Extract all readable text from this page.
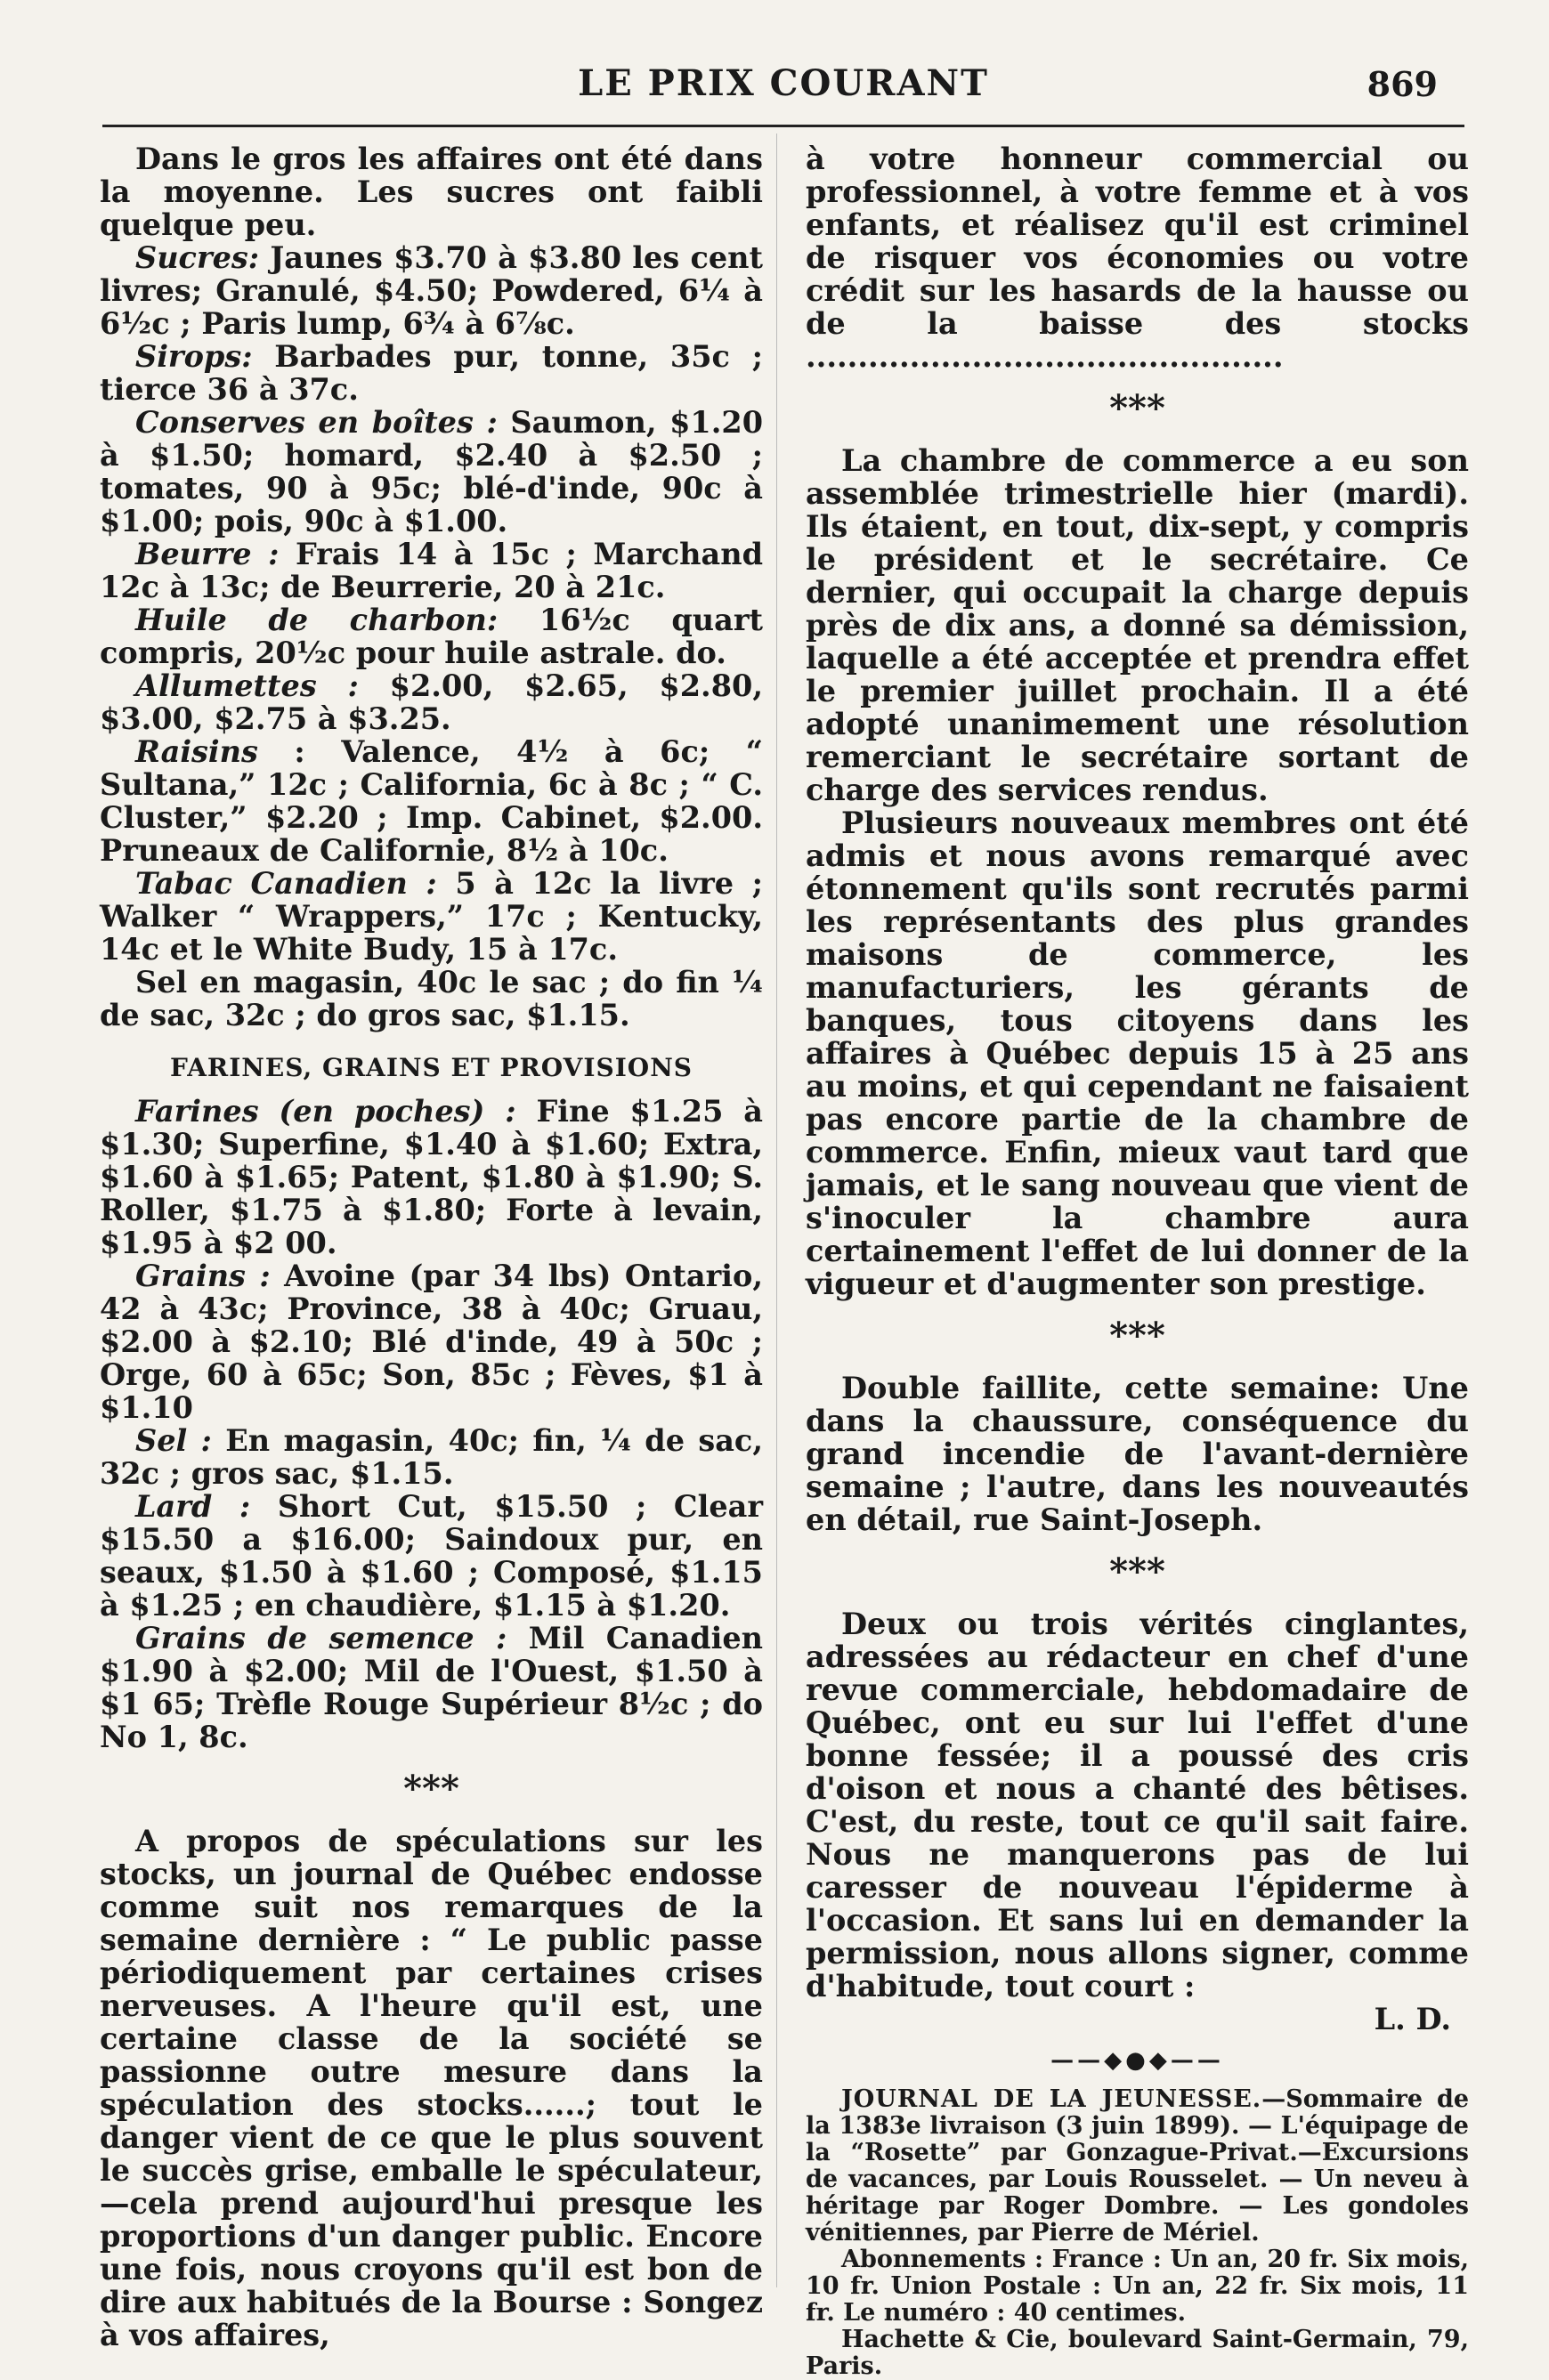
LE PRIX COURANT	869

Dans le gros les affaires ont été dans la moyenne. Les sucres ont faibli quelque peu.

Sucres: Jaunes $3.70 à $3.80 les cent livres; Granulé, $4.50; Powdered, 6¼ à 6½c ; Paris lump, 6¾ à 6⅞c.

Sirops: Barbades pur, tonne, 35c ; tierce 36 à 37c.

Conserves en boîtes : Saumon, $1.20 à $1.50; homard, $2.40 à $2.50 ; tomates, 90 à 95c; blé-d'inde, 90c à $1.00; pois, 90c à $1.00.

Beurre : Frais 14 à 15c ; Marchand 12c à 13c; de Beurrerie, 20 à 21c.

Huile de charbon: 16½c quart compris, 20½c pour huile astrale. do.

Allumettes : $2.00, $2.65, $2.80, $3.00, $2.75 à $3.25.

Raisins : Valence, 4½ à 6c; “ Sultana,” 12c ; California, 6c à 8c ; “ C. Cluster,” $2.20 ; Imp. Cabinet, $2.00. Pruneaux de Californie, 8½ à 10c.

Tabac Canadien : 5 à 12c la livre ; Walker “ Wrappers,” 17c ; Kentucky, 14c et le White Budy, 15 à 17c.

Sel en magasin, 40c le sac ; do fin ¼ de sac, 32c ; do gros sac, $1.15.

FARINES, GRAINS ET PROVISIONS

Farines (en poches) : Fine $1.25 à $1.30; Superfine, $1.40 à $1.60; Extra, $1.60 à $1.65; Patent, $1.80 à $1.90; S. Roller, $1.75 à $1.80; Forte à levain, $1.95 à $2 00.

Grains : Avoine (par 34 lbs) Ontario, 42 à 43c; Province, 38 à 40c; Gruau, $2.00 à $2.10; Blé d'inde, 49 à 50c ; Orge, 60 à 65c; Son, 85c ; Fèves, $1 à $1.10

Sel : En magasin, 40c; fin, ¼ de sac, 32c ; gros sac, $1.15.

Lard : Short Cut, $15.50 ; Clear $15.50 a $16.00; Saindoux pur, en seaux, $1.50 à $1.60 ; Composé, $1.15 à $1.25 ; en chaudière, $1.15 à $1.20.

Grains de semence : Mil Canadien $1.90 à $2.00; Mil de l'Ouest, $1.50 à $1 65; Trèfle Rouge Supérieur 8½c ; do No 1, 8c.

***

A propos de spéculations sur les stocks, un journal de Québec endosse comme suit nos remarques de la semaine dernière : “ Le public passe périodiquement par certaines crises nerveuses. A l'heure qu'il est, une certaine classe de la société se passionne outre mesure dans la spéculation des stocks......; tout le danger vient de ce que le plus souvent le succès grise, emballe le spéculateur,—cela prend aujourd'hui presque les proportions d'un danger public. Encore une fois, nous croyons qu'il est bon de dire aux habitués de la Bourse : Songez à vos affaires,

à votre honneur commercial ou professionnel, à votre femme et à vos enfants, et réalisez qu'il est criminel de risquer vos économies ou votre crédit sur les hasards de la hausse ou de la baisse des stocks ..............................................

***

La chambre de commerce a eu son assemblée trimestrielle hier (mardi). Ils étaient, en tout, dix-sept, y compris le président et le secrétaire. Ce dernier, qui occupait la charge depuis près de dix ans, a donné sa démission, laquelle a été acceptée et prendra effet le premier juillet prochain. Il a été adopté unanimement une résolution remerciant le secrétaire sortant de charge des services rendus.

Plusieurs nouveaux membres ont été admis et nous avons remarqué avec étonnement qu'ils sont recrutés parmi les représentants des plus grandes maisons de commerce, les manufacturiers, les gérants de banques, tous citoyens dans les affaires à Québec depuis 15 à 25 ans au moins, et qui cependant ne faisaient pas encore partie de la chambre de commerce. Enfin, mieux vaut tard que jamais, et le sang nouveau que vient de s'inoculer la chambre aura certainement l'effet de lui donner de la vigueur et d'augmenter son prestige.

***

Double faillite, cette semaine: Une dans la chaussure, conséquence du grand incendie de l'avant-dernière semaine ; l'autre, dans les nouveautés en détail, rue Saint-Joseph.

***

Deux ou trois vérités cinglantes, adressées au rédacteur en chef d'une revue commerciale, hebdomadaire de Québec, ont eu sur lui l'effet d'une bonne fessée; il a poussé des cris d'oison et nous a chanté des bêtises. C'est, du reste, tout ce qu'il sait faire. Nous ne manquerons pas de lui caresser de nouveau l'épiderme à l'occasion. Et sans lui en demander la permission, nous allons signer, comme d'habitude, tout court :

L. D.

——◆●◆——

JOURNAL DE LA JEUNESSE.—Sommaire de la 1383e livraison (3 juin 1899). — L'équipage de la “Rosette” par Gonzague-Privat.—Excursions de vacances, par Louis Rousselet. — Un neveu à héritage par Roger Dombre. — Les gondoles vénitiennes, par Pierre de Mériel.

Abonnements : France : Un an, 20 fr. Six mois, 10 fr. Union Postale : Un an, 22 fr. Six mois, 11 fr. Le numéro : 40 centimes.

Hachette & Cie, boulevard Saint-Germain, 79, Paris.
